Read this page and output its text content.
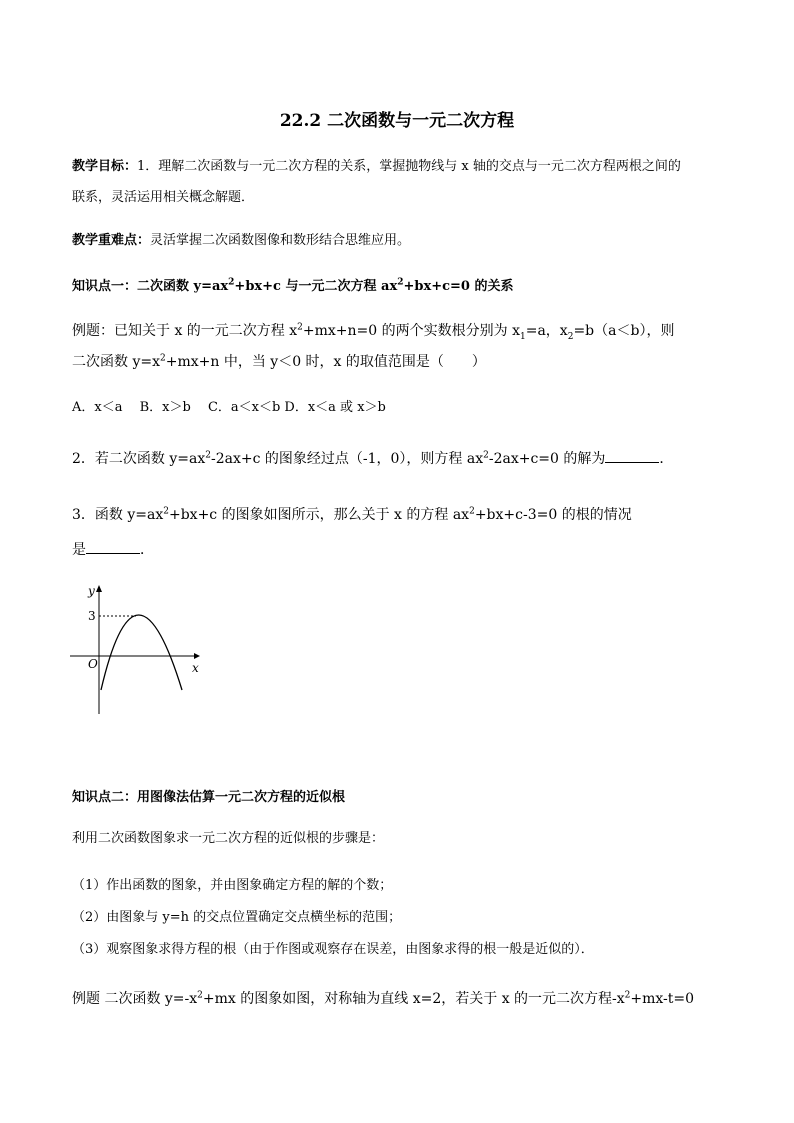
22.2 二次函数与一元二次方程
教学目标：1．理解二次函数与一元二次方程的关系，掌握抛物线与 x 轴的交点与一元二次方程两根之间的
联系，灵活运用相关概念解题．
教学重难点：灵活掌握二次函数图像和数形结合思维应用。
知识点一：二次函数 $y=ax^2+bx+c$ 与一元二次方程 $ax^2+bx+c=0$ 的关系
例题：已知关于 x 的一元二次方程 $x^2+mx+n=0$ 的两个实数根分别为 $x_1=a$，$x_2=b(a<b)$，则
二次函数 $y=x^2+mx+n$ 中，当 y＜0 时，x 的取值范围是（　　）
A．x＜a　 B．x＞b　 C．a＜x＜b D．x＜a 或 x＞b
2．若二次函数 $y=ax^2-2ax+c$ 的图象经过点（-1，0），则方程 $ax^2-2ax+c=0$ 的解为	．
3．函数 $y=ax^2+bx+c$ 的图象如图所示，那么关于 x 的方程 $ax^2+bx+c-3=0$ 的根的情况
是	．
y
x
O
3
知识点二：用图像法估算一元二次方程的近似根
利用二次函数图象求一元二次方程的近似根的步骤是：
（1）作出函数的图象，并由图象确定方程的解的个数；
（2）由图象与 y=h 的交点位置确定交点横坐标的范围；
（3）观察图象求得方程的根（由于作图或观察存在误差，由图象求得的根一般是近似的）．
例题 二次函数 $y=-x^2+mx$ 的图象如图，对称轴为直线 x=2，若关于 x 的一元二次方程$-x^2+mx-t=0$
